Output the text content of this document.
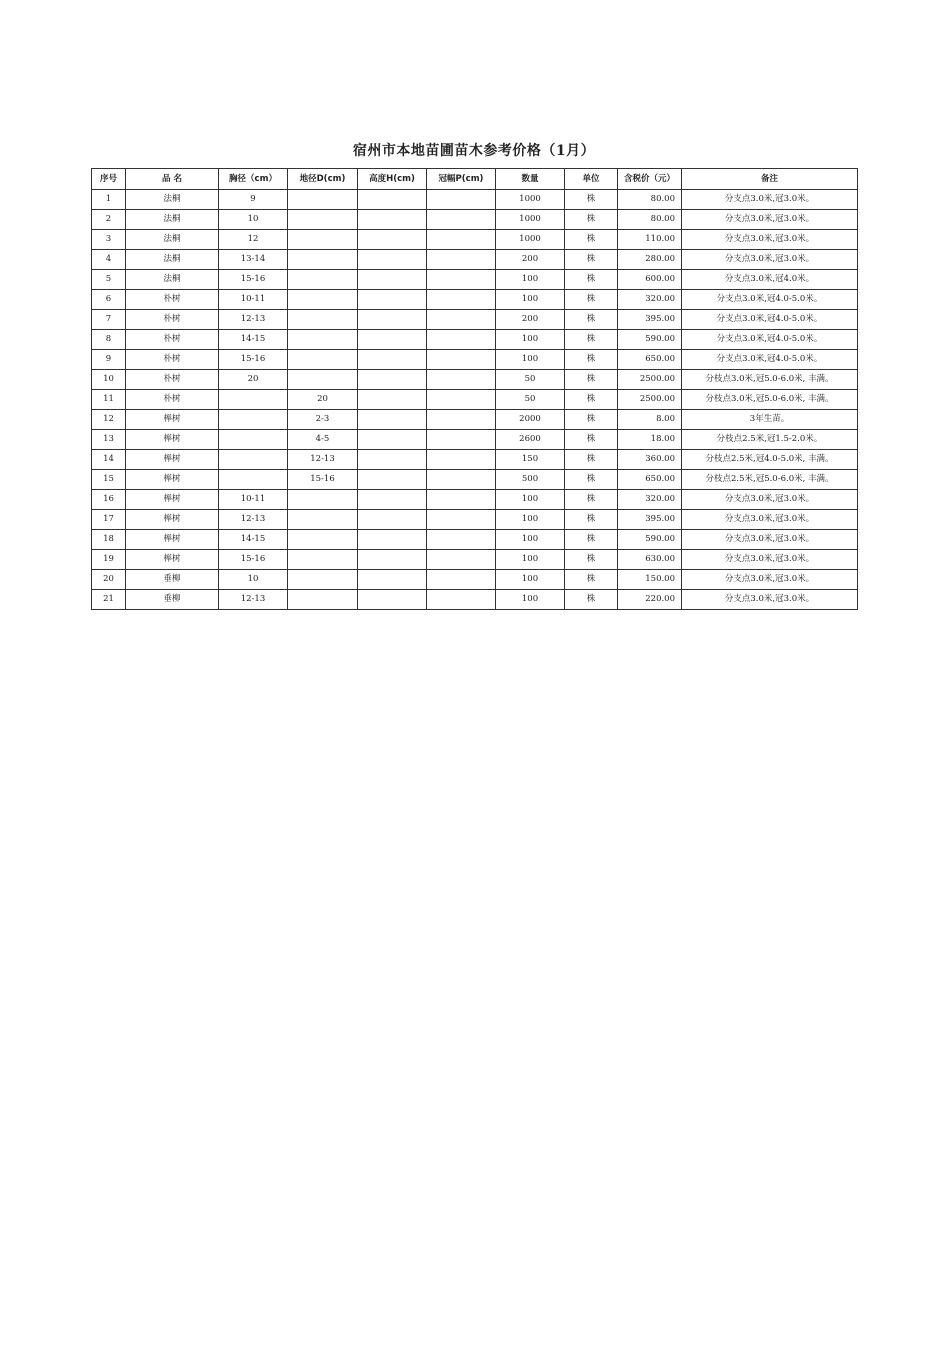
宿州市本地苗圃苗木参考价格（1月）
序号	品 名	胸径（cm）	地径D(cm)	高度H(cm)	冠幅P(cm)	数量	单位	含税价（元）	备注
1	法桐	9				1000	株	80.00	分支点3.0米,冠3.0米。
2	法桐	10				1000	株	80.00	分支点3.0米,冠3.0米。
3	法桐	12				1000	株	110.00	分支点3.0米,冠3.0米。
4	法桐	13-14				200	株	280.00	分支点3.0米,冠3.0米。
5	法桐	15-16				100	株	600.00	分支点3.0米,冠4.0米。
6	朴树	10-11				100	株	320.00	分支点3.0米,冠4.0-5.0米。
7	朴树	12-13				200	株	395.00	分支点3.0米,冠4.0-5.0米。
8	朴树	14-15				100	株	590.00	分支点3.0米,冠4.0-5.0米。
9	朴树	15-16				100	株	650.00	分支点3.0米,冠4.0-5.0米。
10	朴树	20				50	株	2500.00	分枝点3.0米,冠5.0-6.0米, 丰满。
11	朴树		20			50	株	2500.00	分枝点3.0米,冠5.0-6.0米, 丰满。
12	榉树		2-3			2000	株	8.00	3年生苗。
13	榉树		4-5			2600	株	18.00	分枝点2.5米,冠1.5-2.0米。
14	榉树		12-13			150	株	360.00	分枝点2.5米,冠4.0-5.0米, 丰满。
15	榉树		15-16			500	株	650.00	分枝点2.5米,冠5.0-6.0米, 丰满。
16	榉树	10-11				100	株	320.00	分支点3.0米,冠3.0米。
17	榉树	12-13				100	株	395.00	分支点3.0米,冠3.0米。
18	榉树	14-15				100	株	590.00	分支点3.0米,冠3.0米。
19	榉树	15-16				100	株	630.00	分支点3.0米,冠3.0米。
20	垂柳	10				100	株	150.00	分支点3.0米,冠3.0米。
21	垂柳	12-13				100	株	220.00	分支点3.0米,冠3.0米。
